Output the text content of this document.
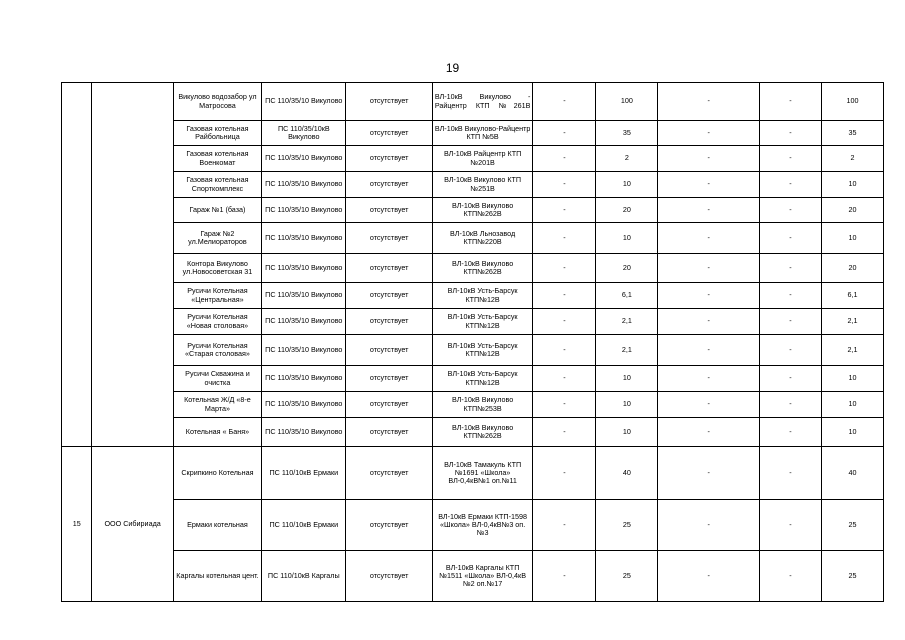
19
		Викулово водозабор ул Матросова	ПС 110/35/10 Викулово	отсутствует	ВЛ-10кВ Викулово - Райцентр КТП №261В	-	100	-	-	100
		Газовая котельная Райбольница	ПС 110/35/10кВ Викулово	отсутствует	ВЛ-10кВ Викулово-Райцентр КТП №5В	-	35	-	-	35
		Газовая котельная Военкомат	ПС 110/35/10 Викулово	отсутствует	ВЛ-10кВ Райцентр КТП №201В	-	2	-	-	2
		Газовая котельная Спорткомплекс	ПС 110/35/10 Викулово	отсутствует	ВЛ-10кВ Викулово КТП №251В	-	10	-	-	10
		Гараж №1 (база)	ПС 110/35/10 Викулово	отсутствует	ВЛ-10кВ Викулово КТП№262В	-	20	-	-	20
		Гараж №2 ул.Мелиораторов	ПС 110/35/10 Викулово	отсутствует	ВЛ-10кВ Льнозавод КТП№220В	-	10	-	-	10
		Контора Викулово ул.Новосоветская 31	ПС 110/35/10 Викулово	отсутствует	ВЛ-10кВ Викулово КТП№262В	-	20	-	-	20
		Русичи Котельная «Центральная»	ПС 110/35/10 Викулово	отсутствует	ВЛ-10кВ Усть-Барсук КТП№12В	-	6,1	-	-	6,1
		Русичи Котельная «Новая столовая»	ПС 110/35/10 Викулово	отсутствует	ВЛ-10кВ Усть-Барсук КТП№12В	-	2,1	-	-	2,1
		Русичи Котельная «Старая столовая»	ПС 110/35/10 Викулово	отсутствует	ВЛ-10кВ Усть-Барсук КТП№12В	-	2,1	-	-	2,1
		Русичи Скважина и очистка	ПС 110/35/10 Викулово	отсутствует	ВЛ-10кВ Усть-Барсук КТП№12В	-	10	-	-	10
		Котельная Ж/Д «8-е Марта»	ПС 110/35/10 Викулово	отсутствует	ВЛ-10кВ Викулово КТП№253В	-	10	-	-	10
		Котельная « Баня»	ПС 110/35/10 Викулово	отсутствует	ВЛ-10кВ Викулово КТП№262В	-	10	-	-	10
15	ООО Сибириада	Скрипкино Котельная	ПС 110/10кВ Ермаки	отсутствует	ВЛ-10кВ Тамакуль КТП №1691 «Школа» ВЛ-0,4кВ№1 оп.№11	-	40	-	-	40
		Ермаки котельная	ПС 110/10кВ Ермаки	отсутствует	ВЛ-10кВ Ермаки КТП-1598 «Школа» ВЛ-0,4кВ№3 оп.№3	-	25	-	-	25
		Каргалы котельная цент.	ПС 110/10кВ Каргалы	отсутствует	ВЛ-10кВ Каргалы КТП №1511 «Школа» ВЛ-0,4кВ №2 оп.№17	-	25	-	-	25
